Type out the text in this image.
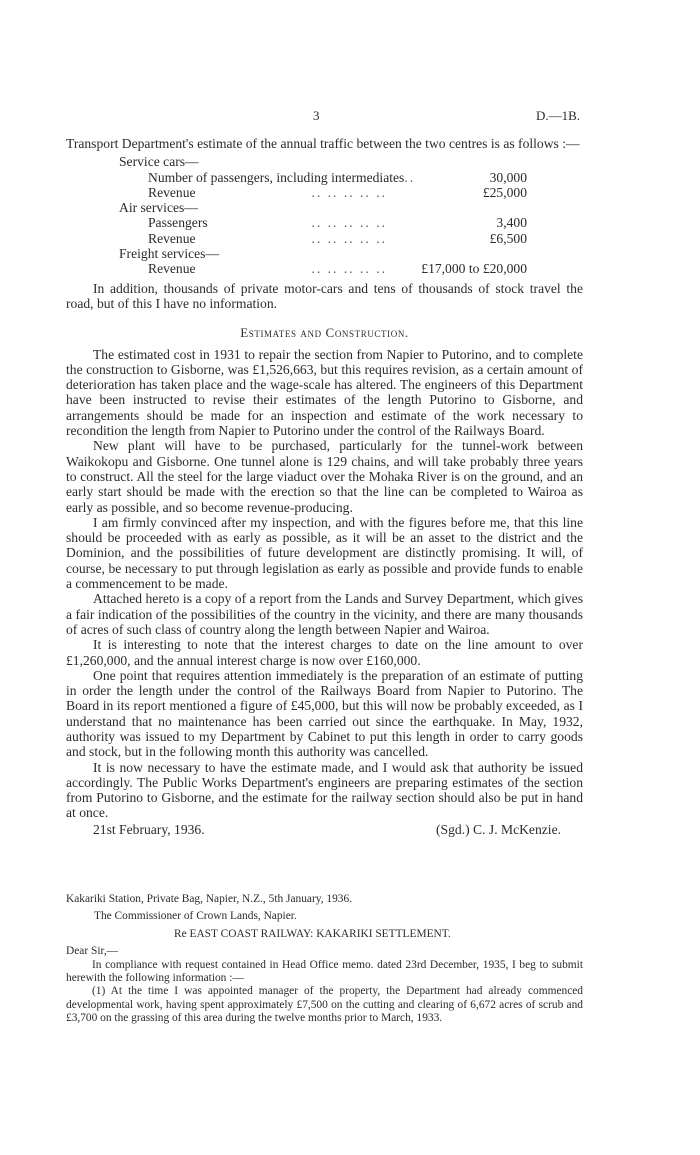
3	D.—1B.

Transport Department's estimate of the annual traffic between the two centres is as follows :—

Service cars—
Number of passengers, including intermediates ..	30,000
Revenue	.. .. .. .. ..	£25,000
Air services—
Passengers	.. .. .. .. ..	3,400
Revenue	.. .. .. .. ..	£6,500
Freight services—
Revenue	.. .. .. .. ..	£17,000 to £20,000

In addition, thousands of private motor-cars and tens of thousands of stock travel the road, but of this I have no information.

Estimates and Construction.

The estimated cost in 1931 to repair the section from Napier to Putorino, and to complete the construction to Gisborne, was £1,526,663, but this requires revision, as a certain amount of deterioration has taken place and the wage-scale has altered. The engineers of this Department have been instructed to revise their estimates of the length Putorino to Gisborne, and arrangements should be made for an inspection and estimate of the work necessary to recondition the length from Napier to Putorino under the control of the Railways Board.

New plant will have to be purchased, particularly for the tunnel-work between Waikokopu and Gisborne. One tunnel alone is 129 chains, and will take probably three years to construct. All the steel for the large viaduct over the Mohaka River is on the ground, and an early start should be made with the erection so that the line can be completed to Wairoa as early as possible, and so become revenue-producing.

I am firmly convinced after my inspection, and with the figures before me, that this line should be proceeded with as early as possible, as it will be an asset to the district and the Dominion, and the possibilities of future development are distinctly promising. It will, of course, be necessary to put through legislation as early as possible and provide funds to enable a commencement to be made.

Attached hereto is a copy of a report from the Lands and Survey Department, which gives a fair indication of the possibilities of the country in the vicinity, and there are many thousands of acres of such class of country along the length between Napier and Wairoa.

It is interesting to note that the interest charges to date on the line amount to over £1,260,000, and the annual interest charge is now over £160,000.

One point that requires attention immediately is the preparation of an estimate of putting in order the length under the control of the Railways Board from Napier to Putorino. The Board in its report mentioned a figure of £45,000, but this will now be probably exceeded, as I understand that no maintenance has been carried out since the earthquake. In May, 1932, authority was issued to my Department by Cabinet to put this length in order to carry goods and stock, but in the following month this authority was cancelled.

It is now necessary to have the estimate made, and I would ask that authority be issued accordingly. The Public Works Department's engineers are preparing estimates of the section from Putorino to Gisborne, and the estimate for the railway section should also be put in hand at once.

21st February, 1936.	(Sgd.) C. J. McKenzie.

Kakariki Station, Private Bag, Napier, N.Z., 5th January, 1936.

The Commissioner of Crown Lands, Napier.

Re EAST COAST RAILWAY: KAKARIKI SETTLEMENT.

Dear Sir,—

In compliance with request contained in Head Office memo. dated 23rd December, 1935, I beg to submit herewith the following information :—

(1) At the time I was appointed manager of the property, the Department had already commenced developmental work, having spent approximately £7,500 on the cutting and clearing of 6,672 acres of scrub and £3,700 on the grassing of this area during the twelve months prior to March, 1933.
